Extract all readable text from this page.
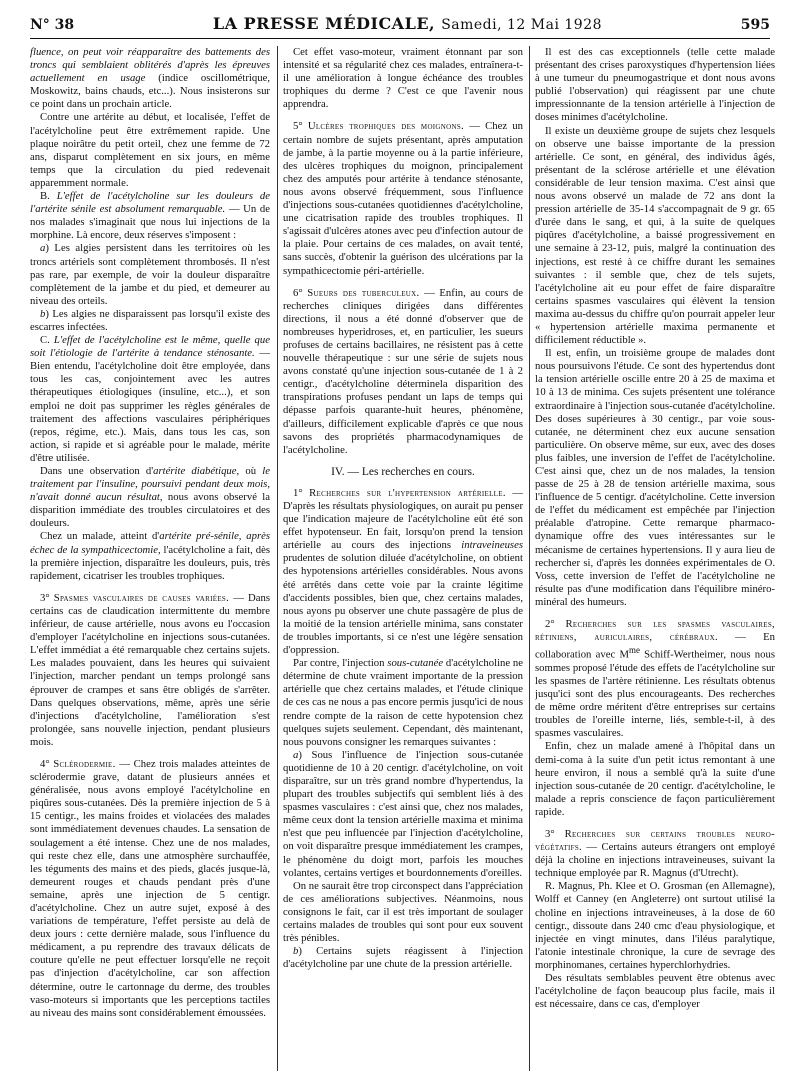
N° 38	LA PRESSE MÉDICALE, Samedi, 12 Mai 1928	595

fluence, on peut voir réapparaître des battements des troncs qui semblaient oblitérés d'après les épreuves actuellement en usage (indice oscillométrique, Moskowitz, bains chauds, etc...). Nous insisterons sur ce point dans un prochain article.

Contre une artérite au début, et localisée, l'effet de l'acétylcholine peut être extrêmement rapide. Une plaque noirâtre du petit orteil, chez une femme de 72 ans, disparut complètement en six jours, en même temps que la circulation du pied redevenait apparemment normale.

B. L'effet de l'acétylcholine sur les douleurs de l'artérite sénile est absolument remarquable. — Un de nos malades s'imaginait que nous lui injections de la morphine. Là encore, deux réserves s'imposent :

a) Les algies persistent dans les territoires où les troncs artériels sont complètement thrombosés. Il n'est pas rare, par exemple, de voir la douleur disparaître complètement de la jambe et du pied, et demeurer au niveau des orteils.

b) Les algies ne disparaissent pas lorsqu'il existe des escarres infectées.

C. L'effet de l'acétylcholine est le même, quelle que soit l'étiologie de l'artérite à tendance sténosante. — Bien entendu, l'acétylcholine doit être employée, dans tous les cas, conjointement avec les autres thérapeutiques étiologiques (insuline, etc...), et son emploi ne doit pas supprimer les règles générales de traitement des affections vasculaires périphériques (repos, régime, etc.). Mais, dans tous les cas, son action, si rapide et si agréable pour le malade, mérite d'être utilisée.

Dans une observation d'artérite diabétique, où le traitement par l'insuline, poursuivi pendant deux mois, n'avait donné aucun résultat, nous avons observé la disparition immédiate des troubles circulatoires et des douleurs.

Chez un malade, atteint d'artérite pré-sénile, après échec de la sympathicectomie, l'acétylcholine a fait, dès la première injection, disparaître les douleurs, puis, très rapidement, cicatriser les troubles trophiques.

3° Spasmes vasculaires de causes variées. — Dans certains cas de claudication intermittente du membre inférieur, de cause artérielle, nous avons eu l'occasion d'employer l'acétylcholine en injections sous-cutanées. L'effet immédiat a été remarquable chez certains sujets. Les malades pouvaient, dans les heures qui suivaient l'injection, marcher pendant un temps prolongé sans éprouver de crampes et sans être obligés de s'arrêter. Dans quelques observations, même, après une série d'injections d'acétylcholine, l'amélioration s'est prolongée, sans nouvelle injection, pendant plusieurs mois.

4° Sclérodermie. — Chez trois malades atteintes de sclérodermie grave, datant de plusieurs années et généralisée, nous avons employé l'acétylcholine en piqûres sous-cutanées. Dès la première injection de 5 à 15 centigr., les mains froides et violacées des malades sont immédiatement devenues chaudes. La sensation de soulagement a été intense. Chez une de nos malades, qui reste chez elle, dans une atmosphère surchauffée, les téguments des mains et des pieds, glacés jusque-là, demeurent rouges et chauds pendant près d'une semaine, après une injection de 5 centigr. d'acétylcholine. Chez un autre sujet, exposé à des variations de température, l'effet persiste au delà de deux jours : cette dernière malade, sous l'influence du médicament, a pu reprendre des travaux délicats de couture qu'elle ne peut effectuer lorsqu'elle ne reçoit pas d'injection d'acétylcholine, car son affection détermine, outre le cartonnage du derme, des troubles vaso-moteurs si importants que les perceptions tactiles au niveau des mains sont considérablement émoussées.

Cet effet vaso-moteur, vraiment étonnant par son intensité et sa régularité chez ces malades, entraînera-t-il une amélioration à longue échéance des troubles trophiques du derme ? C'est ce que l'avenir nous apprendra.

5° Ulcères trophiques des moignons. — Chez un certain nombre de sujets présentant, après amputation de jambe, à la partie moyenne ou à la partie inférieure, des ulcères trophiques du moignon, principalement chez des amputés pour artérite à tendance sténosante, nous avons observé fréquemment, sous l'influence d'injections sous-cutanées quotidiennes d'acétylcholine, une cicatrisation rapide des troubles trophiques. Il s'agissait d'ulcères atones avec peu d'infection autour de la plaie. Pour certains de ces malades, on avait tenté, sans succès, d'obtenir la guérison des ulcérations par la sympathicectomie péri-artérielle.

6° Sueurs des tuberculeux. — Enfin, au cours de recherches cliniques dirigées dans différentes directions, il nous a été donné d'observer que de nombreuses hyperidroses, et, en particulier, les sueurs profuses de certains bacillaires, ne résistent pas à cette nouvelle thérapeutique : sur une série de sujets nous avons constaté qu'une injection sous-cutanée de 1 à 2 centigr., d'acétylcholine déterminela disparition des transpirations profuses pendant un laps de temps qui dépasse parfois quarante-huit heures, phénomène, d'ailleurs, difficilement explicable d'après ce que nous savons des propriétés pharmacodynamiques de l'acétylcholine.

IV. — Les recherches en cours.

1° Recherches sur l'hypertension artérielle. — D'après les résultats physiologiques, on aurait pu penser que l'indication majeure de l'acétylcholine eût été son effet hypotenseur. En fait, lorsqu'on prend la tension artérielle au cours des injections intraveineuses prudentes de solution diluée d'acétylcholine, on obtient des hypotensions artérielles considérables. Nous avons été arrêtés dans cette voie par la crainte légitime d'accidents possibles, bien que, chez certains malades, nous ayons pu observer une chute passagère de plus de la moitié de la tension artérielle minima, sans constater de troubles importants, si ce n'est une légère sensation d'oppression.

Par contre, l'injection sous-cutanée d'acétylcholine ne détermine de chute vraiment importante de la pression artérielle que chez certains malades, et l'étude clinique de ces cas ne nous a pas encore permis jusqu'ici de nous rendre compte de la raison de cette hypotension chez quelques sujets seulement. Cependant, dès maintenant, nous pouvons consigner les remarques suivantes :

a) Sous l'influence de l'injection sous-cutanée quotidienne de 10 à 20 centigr. d'acétylcholine, on voit disparaître, sur un très grand nombre d'hypertendus, la plupart des troubles subjectifs qui semblent liés à des spasmes vasculaires : c'est ainsi que, chez nos malades, même ceux dont la tension artérielle maxima et minima n'est que peu influencée par l'injection d'acétylcholine, on voit disparaître presque immédiatement les crampes, le phénomène du doigt mort, parfois les mouches volantes, certains vertiges et bourdonnements d'oreilles.

On ne saurait être trop circonspect dans l'appréciation de ces améliorations subjectives. Néanmoins, nous consignons le fait, car il est très important de soulager certains malades de troubles qui sont pour eux souvent très pénibles.

b) Certains sujets réagissent à l'injection d'acétylcholine par une chute de la pression artérielle.

Il est des cas exceptionnels (telle cette malade présentant des crises paroxystiques d'hypertension liées à une tumeur du pneumogastrique et dont nous avons publié l'observation) qui réagissent par une chute impressionnante de la tension artérielle à l'injection de doses minimes d'acétylcholine.

Il existe un deuxième groupe de sujets chez lesquels on observe une baisse importante de la pression artérielle. Ce sont, en général, des individus âgés, présentant de la sclérose artérielle et une élévation considérable de leur tension maxima. C'est ainsi que nous avons observé un malade de 72 ans dont la pression artérielle de 35-14 s'accompagnait de 9 gr. 65 d'urée dans le sang, et qui, à la suite de quelques piqûres d'acétylcholine, a baissé progressivement en une semaine à 23-12, puis, malgré la continuation des injections, est resté à ce chiffre durant les semaines suivantes : il semble que, chez de tels sujets, l'acétylcholine ait eu pour effet de faire disparaître certains spasmes vasculaires qui élèvent la tension maxima au-dessus du chiffre qu'on pourrait appeler leur « hypertension artérielle maxima permanente et difficilement réductible ».

Il est, enfin, un troisième groupe de malades dont nous poursuivons l'étude. Ce sont des hypertendus dont la tension artérielle oscille entre 20 à 25 de maxima et 10 à 13 de minima. Ces sujets présentent une tolérance extraordinaire à l'injection sous-cutanée d'acétylcholine. Des doses supérieures à 30 centigr., par voie sous-cutanée, ne déterminent chez eux aucune sensation particulière. On observe même, sur eux, avec des doses plus faibles, une inversion de l'effet de l'acétylcholine. C'est ainsi que, chez un de nos malades, la tension passe de 25 à 28 de tension artérielle maxima, sous l'influence de 5 centigr. d'acétylcholine. Cette inversion de l'effet du médicament est empêchée par l'injection préalable d'atropine. Cette remarque pharmaco-dynamique offre des vues intéressantes sur le mécanisme de certaines hypertensions. Il y aura lieu de rechercher si, d'après les données expérimentales de O. Voss, cette inversion de l'effet de l'acétylcholine ne résulte pas d'une modification dans l'équilibre minéro-minéral des humeurs.

2° Recherches sur les spasmes vasculaires, rétiniens, auriculaires, cérébraux. — En collaboration avec $M^{me}$ Schiff-Wertheimer, nous nous sommes proposé l'étude des effets de l'acétylcholine sur les spasmes de l'artère rétinienne. Les résultats obtenus jusqu'ici sont des plus encourageants. Des recherches de même ordre méritent d'être entreprises sur certains troubles de l'oreille interne, liés, semble-t-il, à des spasmes vasculaires.

Enfin, chez un malade amené à l'hôpital dans un demi-coma à la suite d'un petit ictus remontant à une heure environ, il nous a semblé qu'à la suite d'une injection sous-cutanée de 20 centigr. d'acétylcholine, le malade a repris conscience de façon particulièrement rapide.

3° Recherches sur certains troubles neuro-végétatifs. — Certains auteurs étrangers ont employé déjà la choline en injections intraveineuses, suivant la technique employée par R. Magnus (d'Utrecht).

R. Magnus, Ph. Klee et O. Grosman (en Allemagne), Wolff et Canney (en Angleterre) ont surtout utilisé la choline en injections intraveineuses, à la dose de 60 centigr., dissoute dans 240 cmc d'eau physiologique, et injectée en vingt minutes, dans l'iléus paralytique, l'atonie intestinale chronique, la cure de sevrage des morphinomanes, certaines hyperchlorhydries.

Des résultats semblables peuvent être obtenus avec l'acétylcholine de façon beaucoup plus facile, mais il est nécessaire, dans ce cas, d'employer
